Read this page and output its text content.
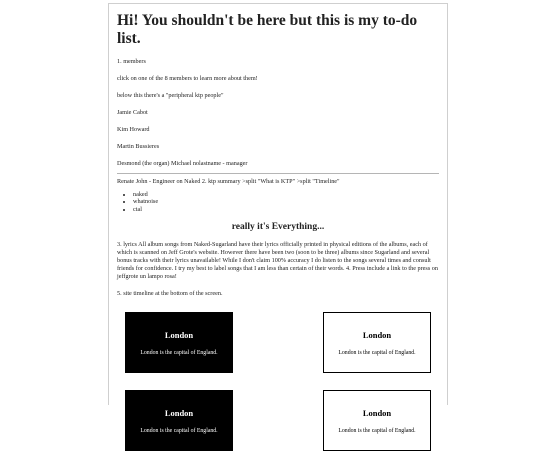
Hi! You shouldn't be here but this is my to-do list.

1. members

click on one of the 8 members to learn more about them!

below this there's a "peripheral ktp people"

Jamie Cabot

Kim Howard

Martin Bussieres

Desmond (the organ) Michael nolastname - manager

Renate John - Engineer on Naked 2. ktp summary >split "What is KTP" >split "Timeline"

• naked
• whatnoise
• ctal
really it's Everything...

3. lyrics All album songs from Naked-Sugarland have their lyrics officially printed in physical editions of the albums, each of which is scanned on Jeff Grote's website. However there have been two (soon to be three) albums since Sugarland and several bonus tracks with their lyrics unavailable! While I don't claim 100% accuracy I do listen to the songs several times and consult friends for confidence. I try my best to label songs that I am less than certain of their words. 4. Press include a link to the press on jeffgrote un lampo rosa!

5. site timeline at the bottom of the screen.

London
London is the capital of England.
London
London is the capital of England.
London
London is the capital of England.
London
London is the capital of England.
